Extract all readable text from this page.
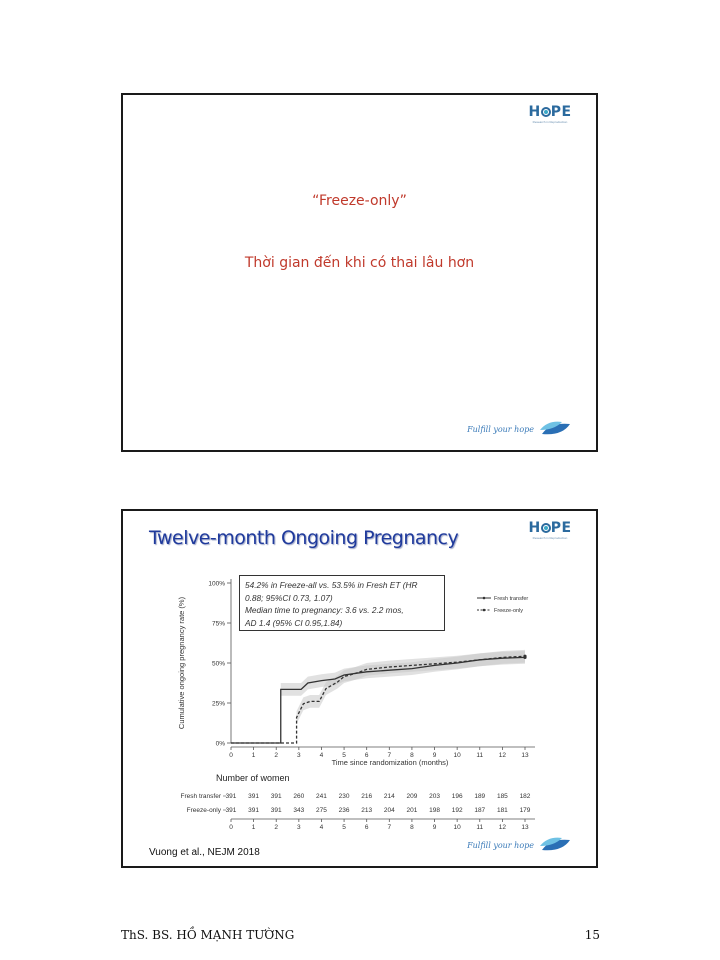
H PE
Research in Reproduction
“Freeze-only”
Thời gian đến khi có thai lâu hơn
Fulfill your hope
Twelve-month Ongoing Pregnancy	H PE
Research in Reproduction
0%
25%
50%
75%
100%
0	1	2	3	4	5	6	7	8	9	10 11 12 13
Time since randomization (months)
Cumulative ongoing pregnancy rate (%)	Fresh transfer
Freeze-only
Number of women
Fresh transfer 391 391 391 260 241 230 216 214 209 203 196 189 185 182
Freeze-only 391 391 391 343 275 236 213 204 201 198 192 187 181 179
0	1	2	3	4	5	6	7	8	9	10 11 12 13
54.2% in Freeze-all vs. 53.5% in Fresh ET (HR
0.88; 95%CI 0.73, 1.07)
Median time to pregnancy: 3.6 vs. 2.2 mos,
AD 1.4 (95% CI 0.95,1.84)
Vuong et al., NEJM 2018
Fulfill your hope
ThS. BS. HỒ MẠNH TƯỜNG	15
